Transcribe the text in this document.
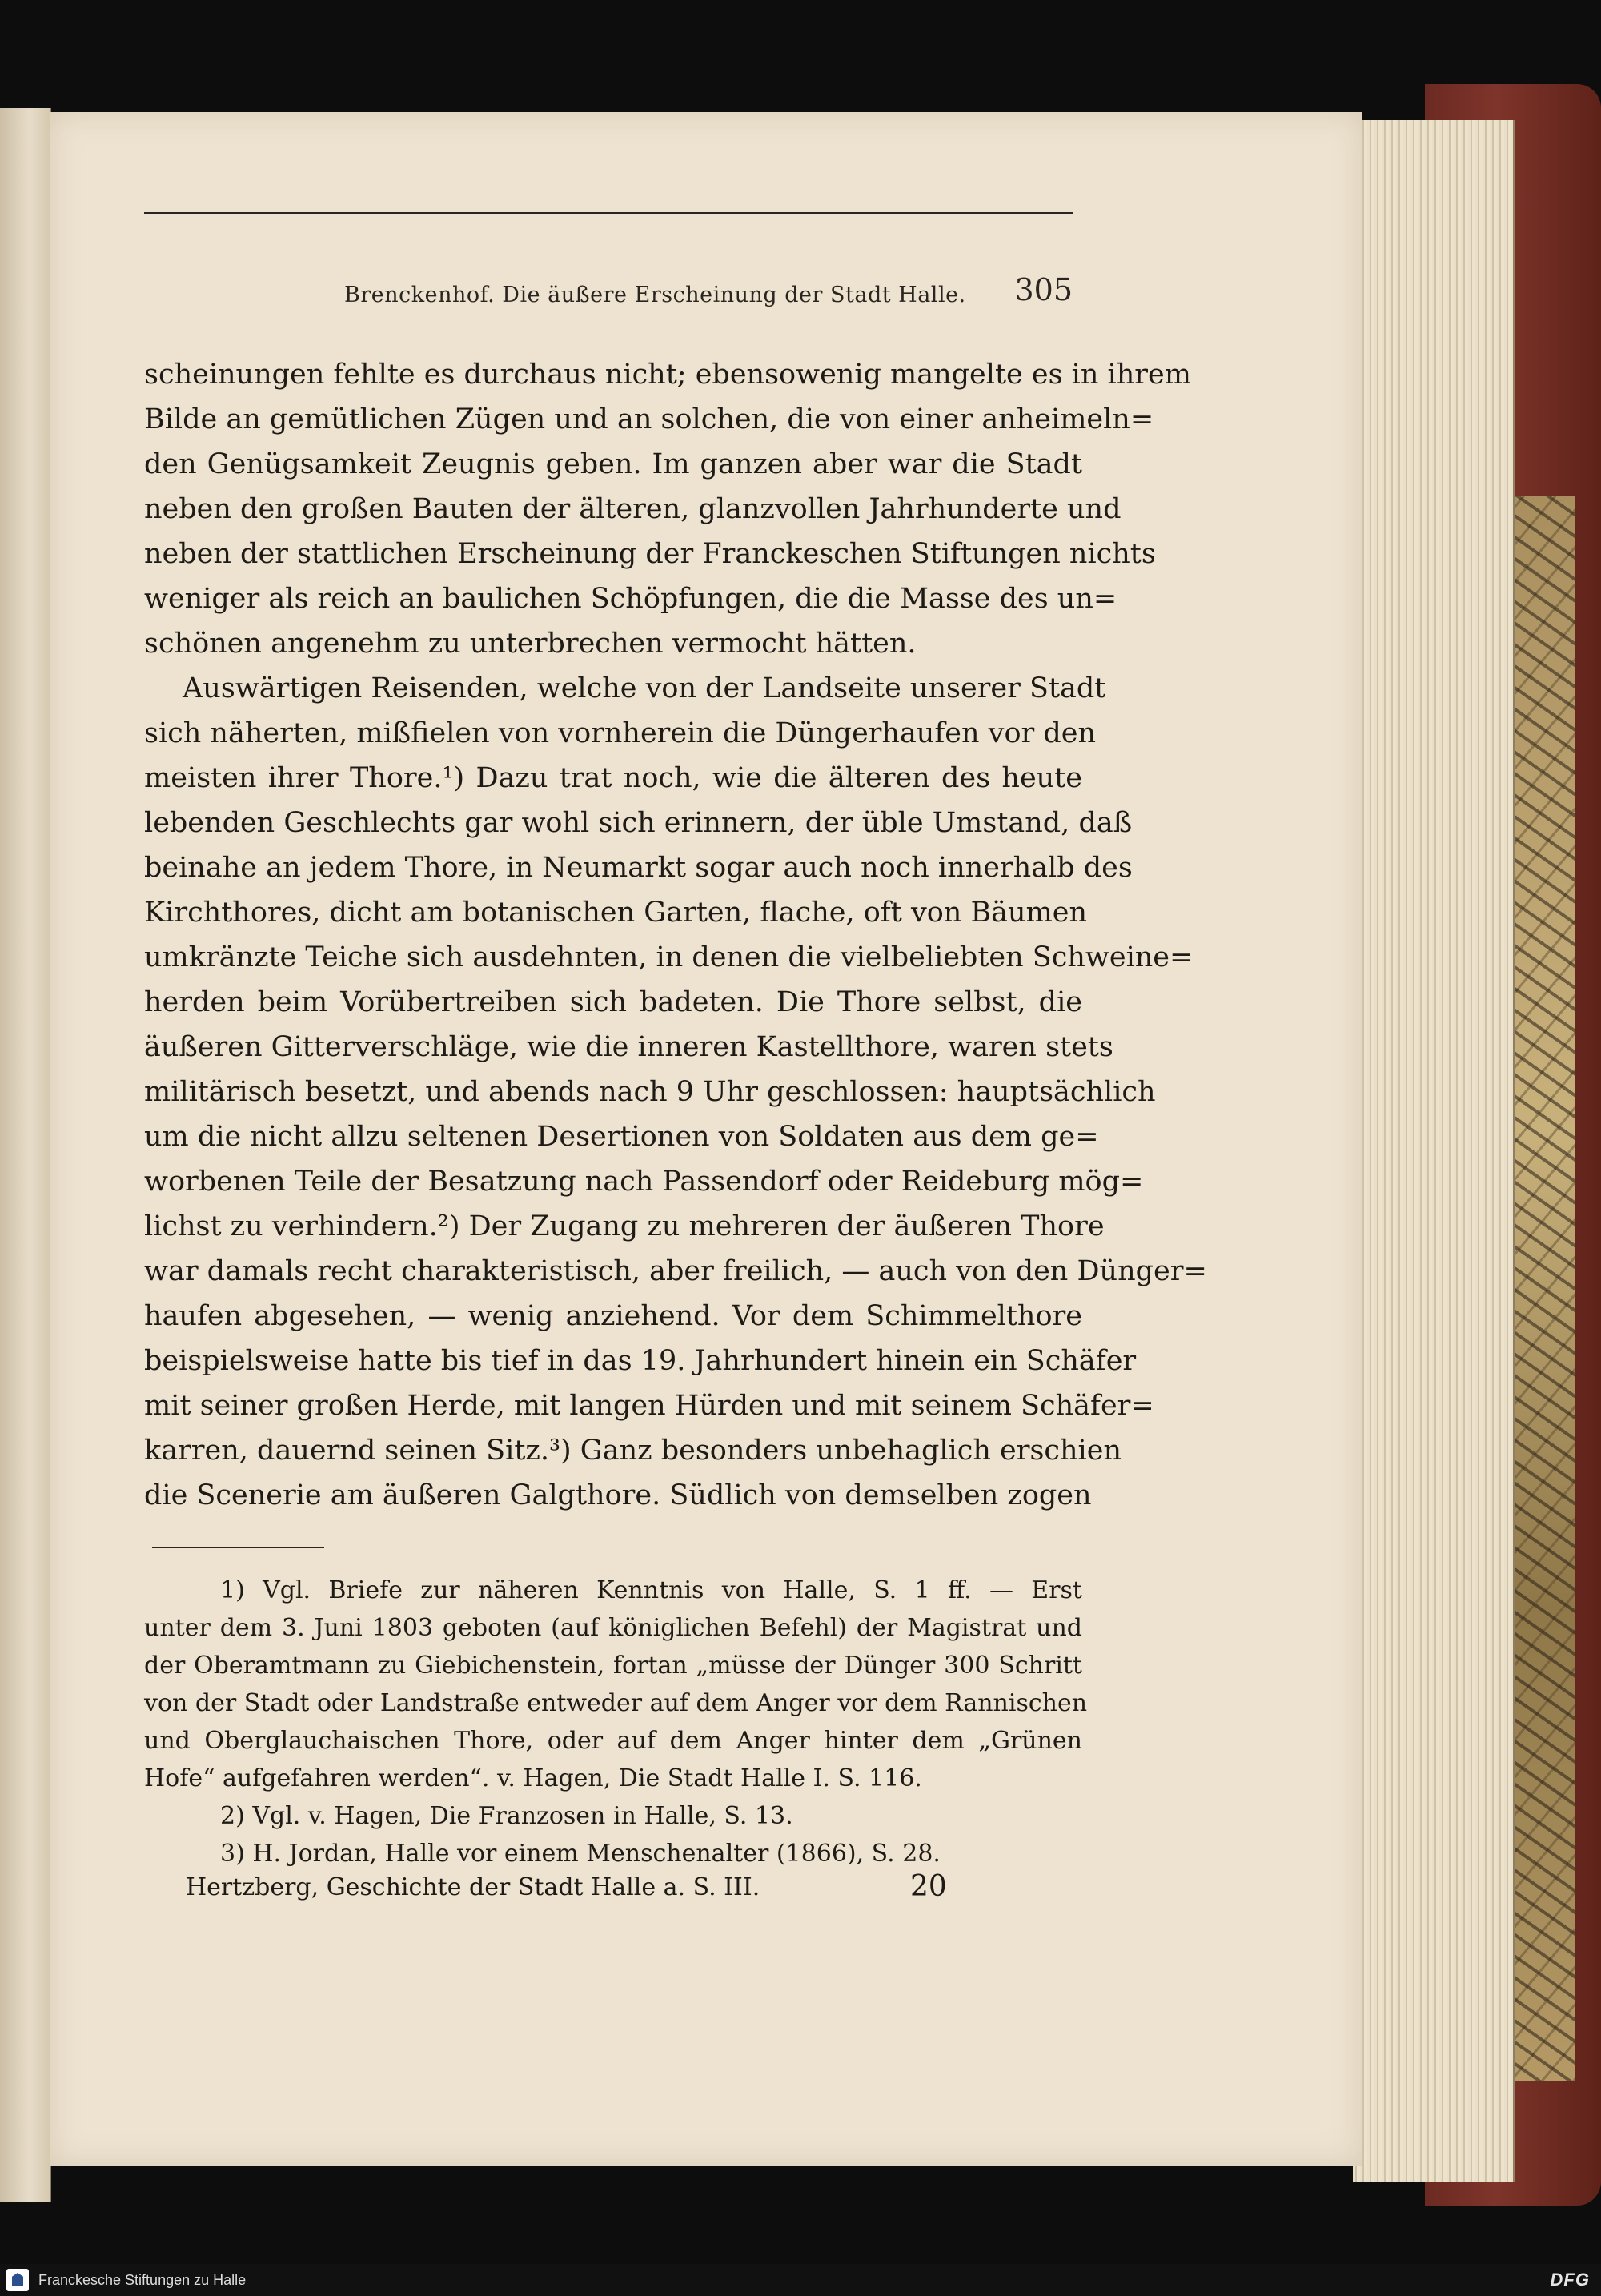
Brenckenhof. Die äußere Erscheinung der Stadt Halle. 305
scheinungen fehlte es durchaus nicht; ebensowenig mangelte es in ihrem
Bilde an gemütlichen Zügen und an solchen, die von einer anheimeln=
den Genügsamkeit Zeugnis geben. Im ganzen aber war die Stadt
neben den großen Bauten der älteren, glanzvollen Jahrhunderte und
neben der stattlichen Erscheinung der Franckeschen Stiftungen nichts
weniger als reich an baulichen Schöpfungen, die die Masse des un=
schönen angenehm zu unterbrechen vermocht hätten.
Auswärtigen Reisenden, welche von der Landseite unserer Stadt
sich näherten, mißfielen von vornherein die Düngerhaufen vor den
meisten ihrer Thore.¹) Dazu trat noch, wie die älteren des heute
lebenden Geschlechts gar wohl sich erinnern, der üble Umstand, daß
beinahe an jedem Thore, in Neumarkt sogar auch noch innerhalb des
Kirchthores, dicht am botanischen Garten, flache, oft von Bäumen
umkränzte Teiche sich ausdehnten, in denen die vielbeliebten Schweine=
herden beim Vorübertreiben sich badeten. Die Thore selbst, die
äußeren Gitterverschläge, wie die inneren Kastellthore, waren stets
militärisch besetzt, und abends nach 9 Uhr geschlossen: hauptsächlich
um die nicht allzu seltenen Desertionen von Soldaten aus dem ge=
worbenen Teile der Besatzung nach Passendorf oder Reideburg mög=
lichst zu verhindern.²) Der Zugang zu mehreren der äußeren Thore
war damals recht charakteristisch, aber freilich, — auch von den Dünger=
haufen abgesehen, — wenig anziehend. Vor dem Schimmelthore
beispielsweise hatte bis tief in das 19. Jahrhundert hinein ein Schäfer
mit seiner großen Herde, mit langen Hürden und mit seinem Schäfer=
karren, dauernd seinen Sitz.³) Ganz besonders unbehaglich erschien
die Scenerie am äußeren Galgthore. Südlich von demselben zogen
1) Vgl. Briefe zur näheren Kenntnis von Halle, S. 1 ff. — Erst
unter dem 3. Juni 1803 geboten (auf königlichen Befehl) der Magistrat und
der Oberamtmann zu Giebichenstein, fortan „müsse der Dünger 300 Schritt
von der Stadt oder Landstraße entweder auf dem Anger vor dem Rannischen
und Oberglauchaischen Thore, oder auf dem Anger hinter dem „Grünen
Hofe“ aufgefahren werden“. v. Hagen, Die Stadt Halle I. S. 116.
2) Vgl. v. Hagen, Die Franzosen in Halle, S. 13.
3) H. Jordan, Halle vor einem Menschenalter (1866), S. 28.
Hertzberg, Geschichte der Stadt Halle a. S. III.	20
Franckesche Stiftungen zu Halle	DFG
